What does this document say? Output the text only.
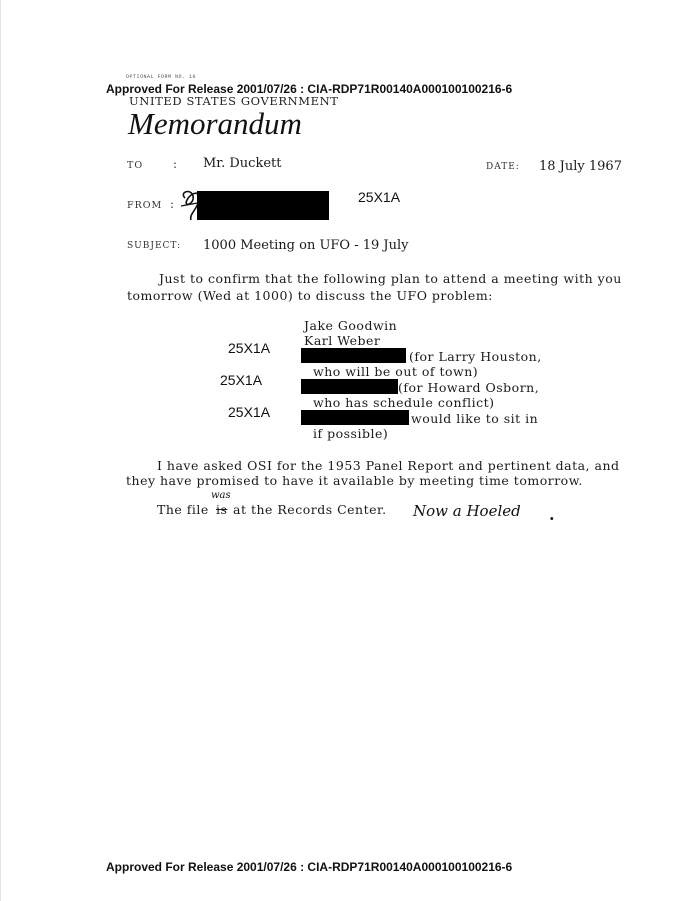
OPTIONAL FORM NO. 10
Approved For Release 2001/07/26 : CIA-RDP71R00140A000100100216-6
UNITED STATES GOVERNMENT
Memorandum
TO : Mr. Duckett	DATE: 18 July 1967
FROM :	25X1A
SUBJECT: 1000 Meeting on UFO - 19 July
Just to confirm that the following plan to attend a meeting with you
tomorrow (Wed at 1000) to discuss the UFO problem:
Jake Goodwin
Karl Weber
25X1A
(for Larry Houston,
who will be out of town)
25X1A	(for Howard Osborn,
who has schedule conflict)
25X1A	would like to sit in
if possible)
I have asked OSI for the 1953 Panel Report and pertinent data, and
they have promised to have it available by meeting time tomorrow.
The file is
was
at the Records Center. Now a Hoeled .
Approved For Release 2001/07/26 : CIA-RDP71R00140A000100100216-6
